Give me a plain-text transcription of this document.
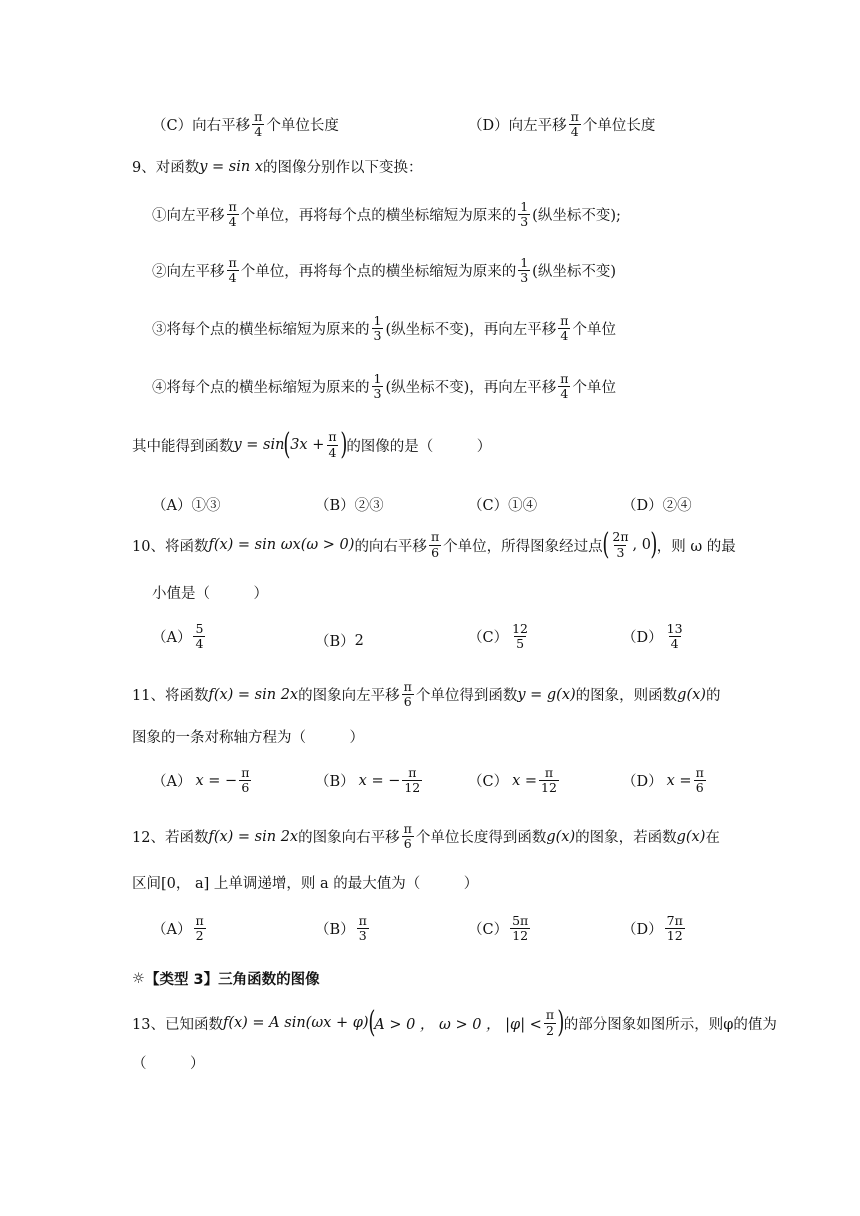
（C） 向右平移 $\frac{\pi}{4}$ 个单位长度	（D） 向左平移 $\frac{\pi}{4}$ 个单位长度
9、对函数 y = sin x 的图像分别作以下变换：
①向左平移 $\frac{\pi}{4}$ 个单位，再将每个点的横坐标缩短为原来的 $\frac{1}{3}$ (纵坐标不变);
②向左平移 $\frac{\pi}{4}$ 个单位，再将每个点的横坐标缩短为原来的 $\frac{1}{3}$ (纵坐标不变)
③将每个点的横坐标缩短为原来的 $\frac{1}{3}$ (纵坐标不变)，再向左平移 $\frac{\pi}{4}$ 个单位
④将每个点的横坐标缩短为原来的 $\frac{1}{3}$ (纵坐标不变)，再向左平移 $\frac{\pi}{4}$ 个单位
其中能得到函数 y = sin ( $3x + \frac{\pi}{4}$ ) 的图像的是（　　　）
（A）①③	（B）②③	（C）①④	（D）②④
10、将函数 f(x) = sin ωx(ω > 0) 的向右平移 $\frac{\pi}{6}$ 个单位，所得图象经过点 ( $\frac{2\pi}{3}$ , 0 ) ，则 ω 的最
小值是（　　　）
$(A) \frac{5}{4}$	（B） 2	$(C) \frac{12}{5}$	$(D) \frac{13}{4}$
11、将函数 f(x) = sin 2x 的图象向左平移 $\frac{\pi}{6}$ 个单位得到函数 y = g(x) 的图象，则函数 g(x) 的
图象的一条对称轴方程为（　　　）
（A） x = − $\frac{\pi}{6}$	（B） x = − $\frac{\pi}{12}$	（C） $x = \frac{\pi}{12}$	（D） $x = \frac{\pi}{6}$
12、若函数 f(x) = sin 2x 的图象向右平移 $\frac{\pi}{6}$ 个单位长度得到函数 g(x) 的图象，若函数 g(x) 在
区间[0， a] 上单调递增，则 a 的最大值为（　　　）
$(A) \frac{\pi}{2}$	$(B) \frac{\pi}{3}$	$(C) \frac{5\pi}{12}$	$(D) \frac{7\pi}{12}$
☼ 【类型 3】三角函数的图像
13、已知函数 f(x) = A sin(ωx + φ) ( A > 0 ， ω > 0 ， $|\varphi| < \frac{\pi}{2}$ ) 的部分图象如图所示，则φ的值为
（　　　）
